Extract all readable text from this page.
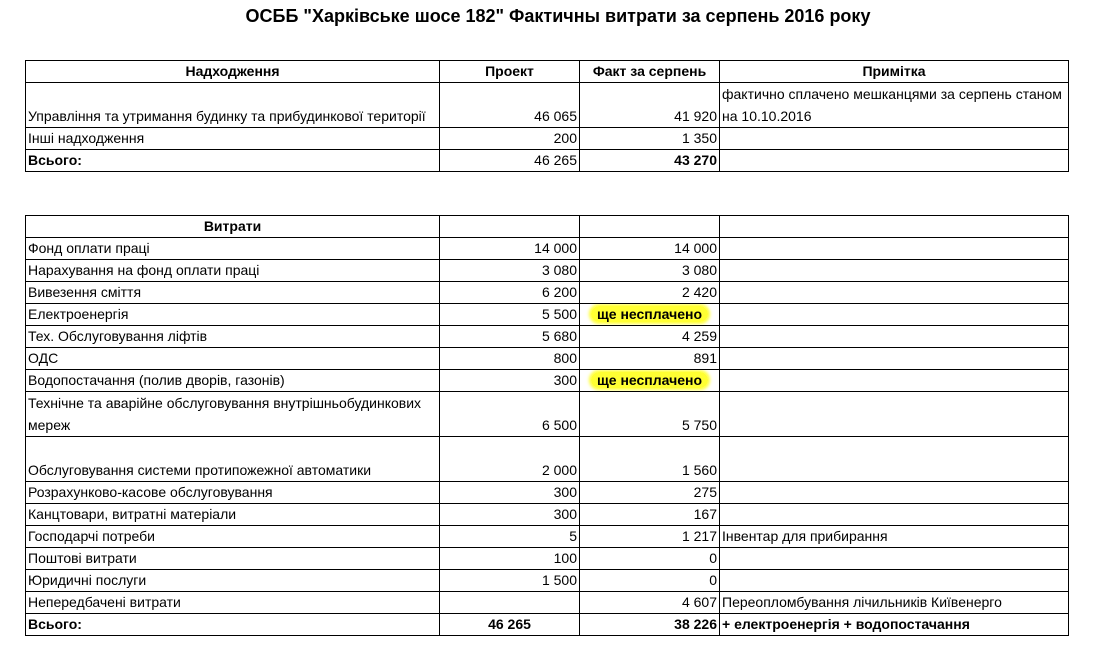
ОСББ "Харківське шосе 182" Фактичны витрати за серпень 2016 року
Надходження	Проект	Факт за серпень	Примітка
Управління та утримання будинку та прибудинкової території	46 065	41 920	фактично сплачено мешканцями за серпень станом на 10.10.2016
Інші надходження	200	1 350	
Всього:	46 265	43 270	
Витрати			
Фонд оплати праці	14 000	14 000	
Нарахування на фонд оплати праці	3 080	3 080	
Вивезення сміття	6 200	2 420	
Електроенергія	5 500	ще несплачено	
Тех. Обслуговування ліфтів	5 680	4 259	
ОДС	800	891	
Водопостачання (полив дворів, газонів)	300	ще несплачено	
Технічне та аварійне обслуговування внутрішньобудинкових мереж	6 500	5 750	
Обслуговування системи протипожежної автоматики	2 000	1 560	
Розрахунково-касове обслуговування	300	275	
Канцтовари, витратні матеріали	300	167	
Господарчі потреби	5	1 217	Інвентар для прибирання
Поштові витрати	100	0	
Юридичні послуги	1 500	0	
Непередбачені витрати		4 607	Переопломбування лічильників Київенерго
Всього:	46 265	38 226	+ електроенергія + водопостачання
